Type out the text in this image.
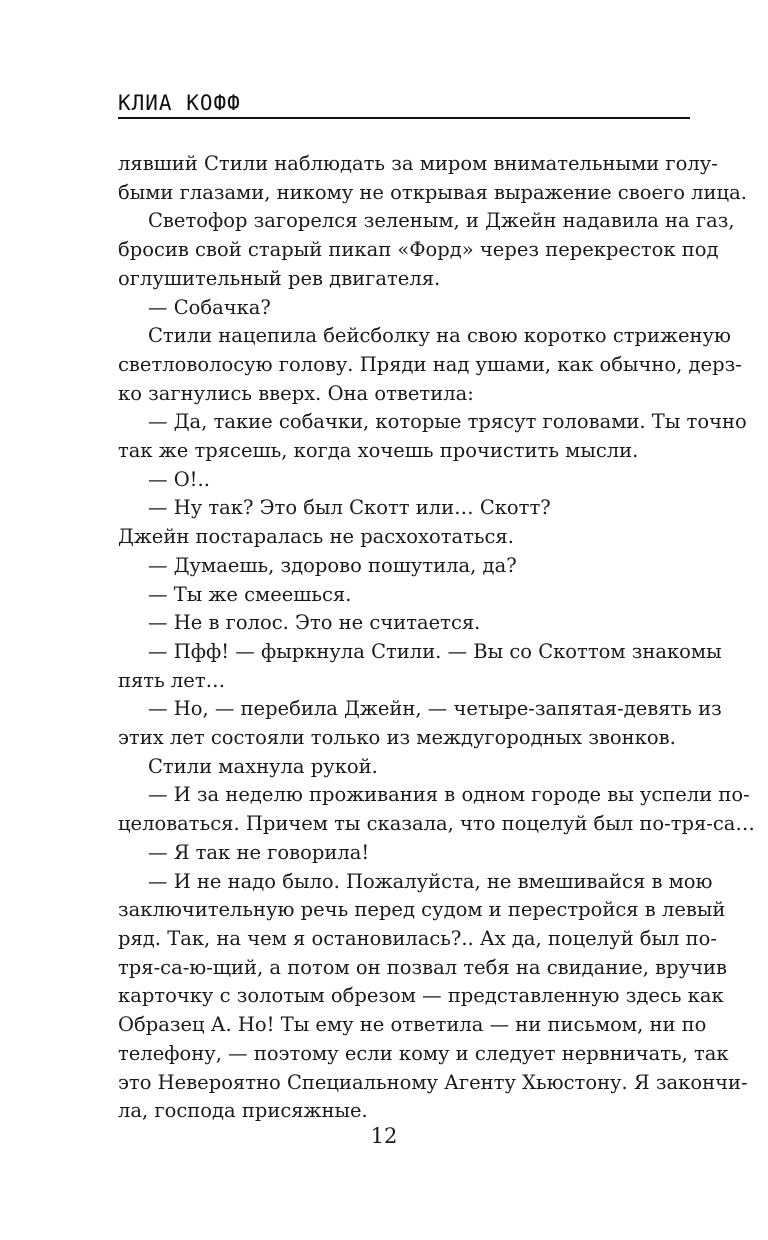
КЛИА КОФФ

лявший Стили наблюдать за миром внимательными голу-

быми глазами, никому не открывая выражение своего лица.

Светофор загорелся зеленым, и Джейн надавила на газ,

бросив свой старый пикап «Форд» через перекресток под

оглушительный рев двигателя.

— Собачка?

Стили нацепила бейсболку на свою коротко стриженую

светловолосую голову. Пряди над ушами, как обычно, дерз-

ко загнулись вверх. Она ответила:

— Да, такие собачки, которые трясут головами. Ты точно

так же трясешь, когда хочешь прочистить мысли.

— О!..

— Ну так? Это был Скотт или… Скотт?

Джейн постаралась не расхохотаться.

— Думаешь, здорово пошутила, да?

— Ты же смеешься.

— Не в голос. Это не считается.

— Пфф! — фыркнула Стили. — Вы со Скоттом знакомы

пять лет…

— Но, — перебила Джейн, — четыре-запятая-девять из

этих лет состояли только из междугородных звонков.

Стили махнула рукой.

— И за неделю проживания в одном городе вы успели по-

целоваться. Причем ты сказала, что поцелуй был по-тря-са…

— Я так не говорила!

— И не надо было. Пожалуйста, не вмешивайся в мою

заключительную речь перед судом и перестройся в левый

ряд. Так, на чем я остановилась?.. Ах да, поцелуй был по-

тря-са-ю-щий, а потом он позвал тебя на свидание, вручив

карточку с золотым обрезом — представленную здесь как

Образец А. Но! Ты ему не ответила — ни письмом, ни по

телефону, — поэтому если кому и следует нервничать, так

это Невероятно Специальному Агенту Хьюстону. Я закончи-

ла, господа присяжные.

12
